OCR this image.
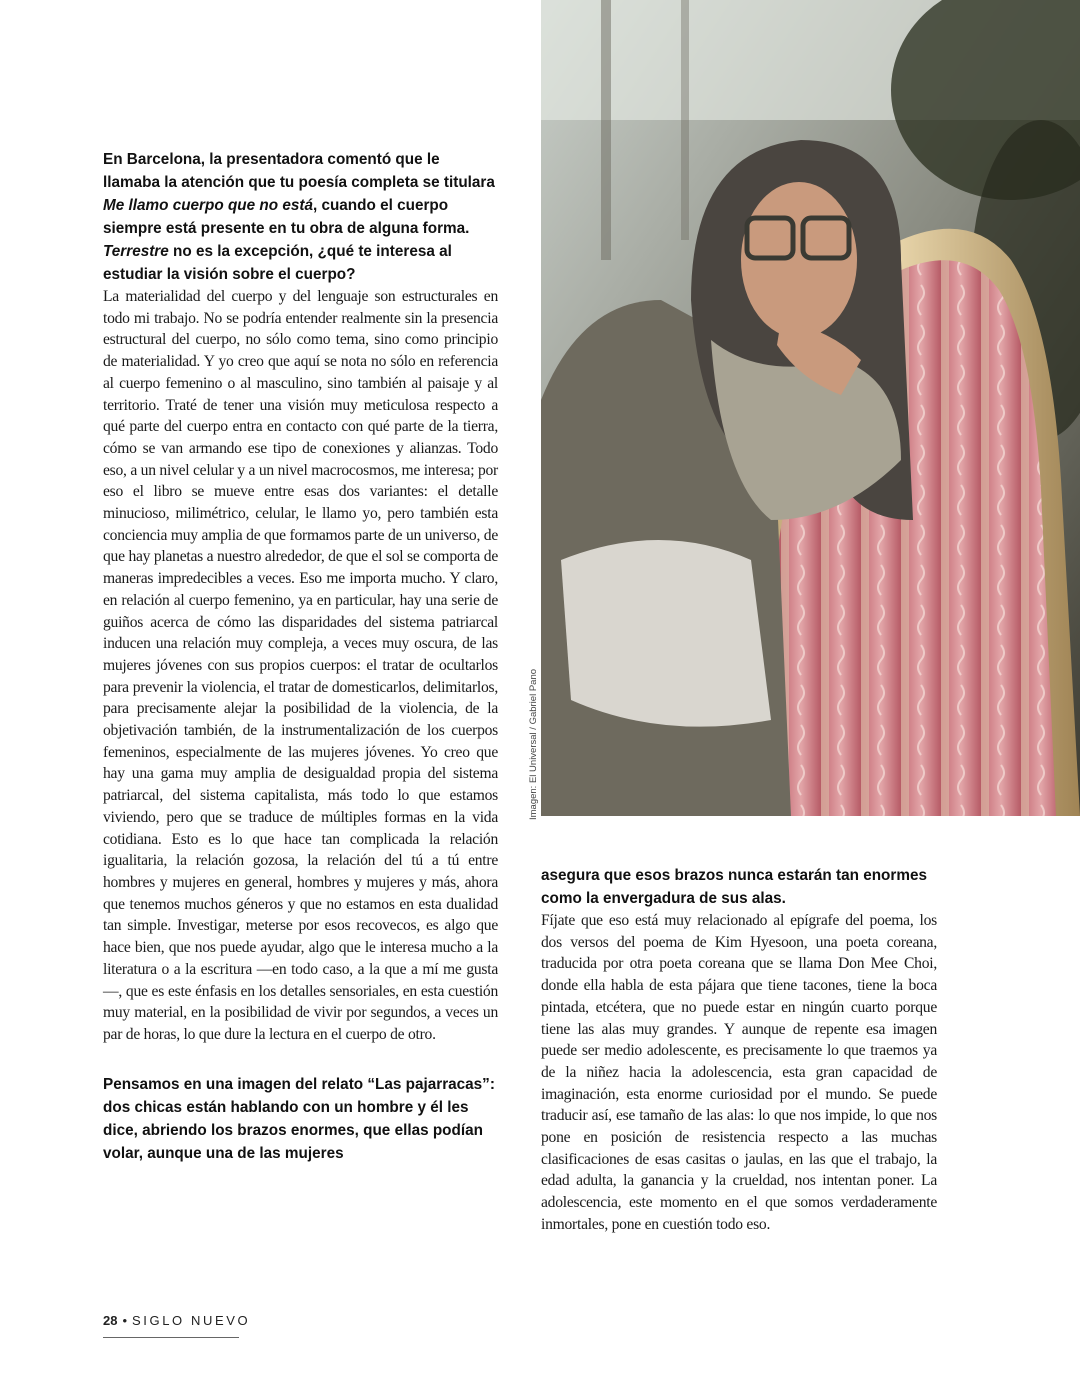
En Barcelona, la presentadora comentó que le llamaba la atención que tu poesía completa se titulara Me llamo cuerpo que no está, cuando el cuerpo siempre está presente en tu obra de alguna forma. Terrestre no es la excepción, ¿qué te interesa al estudiar la visión sobre el cuerpo?

La materialidad del cuerpo y del lenguaje son estructurales en todo mi trabajo. No se podría entender realmente sin la presencia estructural del cuerpo, no sólo como tema, sino como principio de materialidad. Y yo creo que aquí se nota no sólo en referencia al cuerpo femenino o al masculino, sino también al paisaje y al territorio. Traté de tener una visión muy meticulosa respecto a qué parte del cuerpo entra en contacto con qué parte de la tierra, cómo se van armando ese tipo de conexiones y alianzas. Todo eso, a un nivel celular y a un nivel macrocosmos, me interesa; por eso el libro se mueve entre esas dos variantes: el detalle minucioso, milimétrico, celular, le llamo yo, pero también esta conciencia muy amplia de que formamos parte de un universo, de que hay planetas a nuestro alrededor, de que el sol se comporta de maneras impredecibles a veces. Eso me importa mucho. Y claro, en relación al cuerpo femenino, ya en particular, hay una serie de guiños acerca de cómo las disparidades del sistema patriarcal inducen una relación muy compleja, a veces muy oscura, de las mujeres jóvenes con sus propios cuerpos: el tratar de ocultarlos para prevenir la violencia, el tratar de domesticarlos, delimitarlos, para precisamente alejar la posibilidad de la violencia, de la objetivación también, de la instrumentalización de los cuerpos femeninos, especialmente de las mujeres jóvenes. Yo creo que hay una gama muy amplia de desigualdad propia del sistema patriarcal, del sistema capitalista, más todo lo que estamos viviendo, pero que se traduce de múltiples formas en la vida cotidiana. Esto es lo que hace tan complicada la relación igualitaria, la relación gozosa, la relación del tú a tú entre hombres y mujeres en general, hombres y mujeres y más, ahora que tenemos muchos géneros y que no estamos en esta dualidad tan simple. Investigar, meterse por esos recovecos, es algo que hace bien, que nos puede ayudar, algo que le interesa mucho a la literatura o a la escritura —en todo caso, a la que a mí me gusta—, que es este énfasis en los detalles sensoriales, en esta cuestión muy material, en la posibilidad de vivir por segundos, a veces un par de horas, lo que dure la lectura en el cuerpo de otro.

Pensamos en una imagen del relato “Las pajarracas”: dos chicas están hablando con un hombre y él les dice, abriendo los brazos enormes, que ellas podían volar, aunque una de las mujeres

Imagen: El Universal / Gabriel Pano

asegura que esos brazos nunca estarán tan enormes como la envergadura de sus alas.

Fíjate que eso está muy relacionado al epígrafe del poema, los dos versos del poema de Kim Hyesoon, una poeta coreana, traducida por otra poeta coreana que se llama Don Mee Choi, donde ella habla de esta pájara que tiene tacones, tiene la boca pintada, etcétera, que no puede estar en ningún cuarto porque tiene las alas muy grandes. Y aunque de repente esa imagen puede ser medio adolescente, es precisamente lo que traemos ya de la niñez hacia la adolescencia, esta gran capacidad de imaginación, esta enorme curiosidad por el mundo. Se puede traducir así, ese tamaño de las alas: lo que nos impide, lo que nos pone en posición de resistencia respecto a las muchas clasificaciones de esas casitas o jaulas, en las que el trabajo, la edad adulta, la ganancia y la crueldad, nos intentan poner. La adolescencia, este momento en el que somos verdaderamente inmortales, pone en cuestión todo eso.

28 • SIGLO NUEVO
